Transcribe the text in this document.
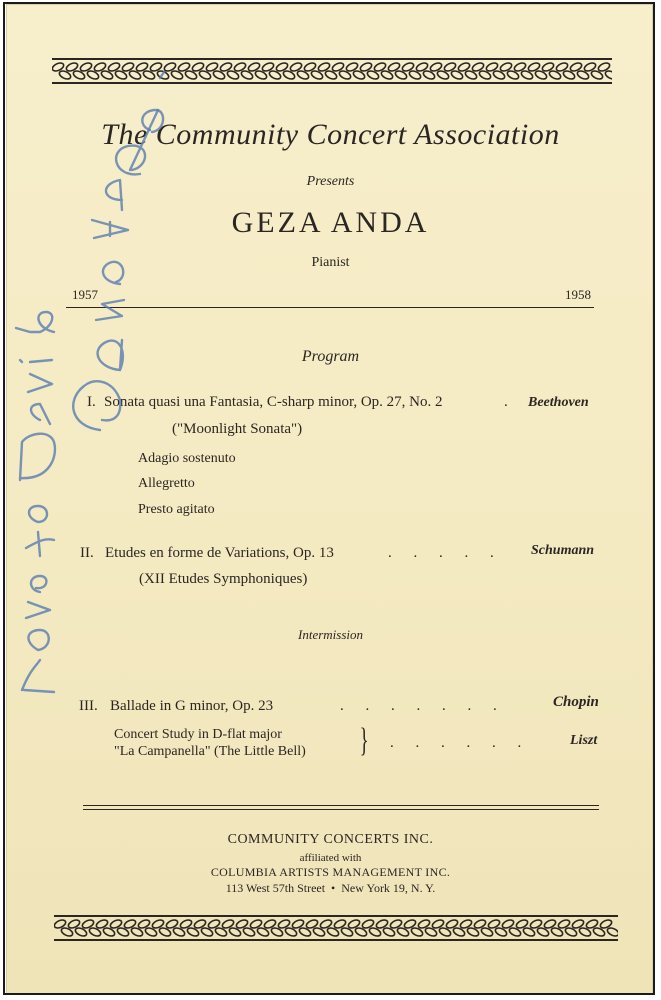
The Community Concert Association
Presents
GEZA ANDA
Pianist
1957	1958
Program
I. Sonata quasi una Fantasia, C-sharp minor, Op. 27, No. 2	. Beethoven
("Moonlight Sonata")
Adagio sostenuto
Allegretto
Presto agitato
II. Etudes en forme de Variations, Op. 13	. . . . . Schumann
(XII Etudes Symphoniques)
Intermission
III. Ballade in G minor, Op. 23	. . . . . . .	Chopin
Concert Study in D-flat major
"La Campanella" (The Little Bell) } . . . . . .	Liszt
COMMUNITY CONCERTS INC.
affiliated with
COLUMBIA ARTISTS MANAGEMENT INC.
113 West 57th Street  •  New York 19, N. Y.
